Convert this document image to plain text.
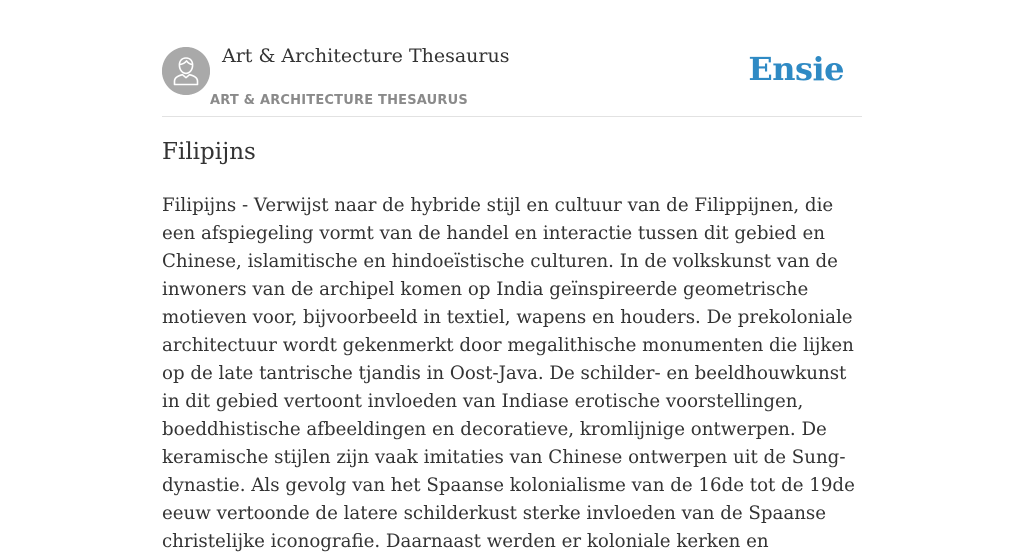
Art & Architecture Thesaurus
ART & ARCHITECTURE THESAURUS
Ensie
Filipijns

Filipijns - Verwijst naar de hybride stijl en cultuur van de Filippijnen, die een afspiegeling vormt van de handel en interactie tussen dit gebied en Chinese, islamitische en hindoeïstische culturen. In de volkskunst van de inwoners van de archipel komen op India geïnspireerde geometrische motieven voor, bijvoorbeeld in textiel, wapens en houders. De prekoloniale architectuur wordt gekenmerkt door megalithische monumenten die lijken op de late tantrische tjandis in Oost-Java. De schilder- en beeldhouwkunst in dit gebied vertoont invloeden van Indiase erotische voorstellingen, boeddhistische afbeeldingen en decoratieve, kromlijnige ontwerpen. De keramische stijlen zijn vaak imitaties van Chinese ontwerpen uit de Sung-dynastie. Als gevolg van het Spaanse kolonialisme van de 16de tot de 19de eeuw vertoonde de latere schilderkust sterke invloeden van de Spaanse christelijke iconografie. Daarnaast werden er koloniale kerken en
